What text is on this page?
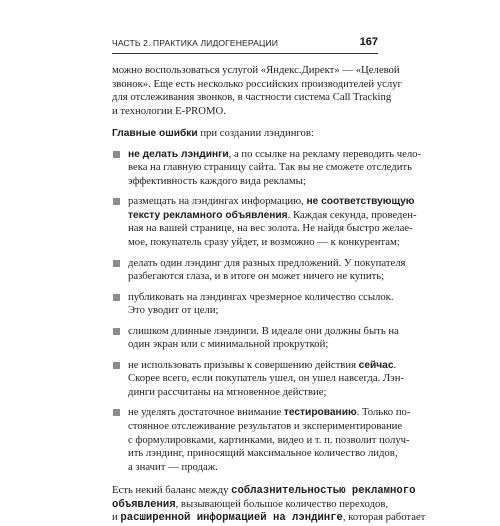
ЧАСТЬ 2. ПРАКТИКА ЛИДОГЕНЕРАЦИИ	167
можно воспользоваться услугой «Яндекс.Директ» — «Целевой
звонок». Еще есть несколько российских производителей услуг
для отслеживания звонков, в частности система Call Tracking
и технологии E-PROMO.
Главные ошибки при создании лэндингов:
не делать лэндинги, а по ссылке на рекламу переводить чело-
века на главную страницу сайта. Так вы не сможете отследить
эффективность каждого вида рекламы;
размещать на лэндингах информацию, не соответствующую
тексту рекламного объявления. Каждая секунда, проведен-
ная на вашей странице, на вес золота. Не найдя быстро желае-
мое, покупатель сразу уйдет, и возможно — к конкурентам;
делать один лэндинг для разных предложений. У покупателя
разбегаются глаза, и в итоге он может ничего не купить;
публиковать на лэндингах чрезмерное количество ссылок.
Это уводит от цели;
слишком длинные лэндинги. В идеале они должны быть на
один экран или с минимальной прокруткой;
не использовать призывы к совершению действия сейчас.
Скорее всего, если покупатель ушел, он ушел навсегда. Лэн-
динги рассчитаны на мгновенное действие;
не уделять достаточное внимание тестированию. Только по-
стоянное отслеживание результатов и экспериментирование
с формулировками, картинками, видео и т. п. позволит получ-
ить лэндинг, приносящий максимальное количество лидов,
а значит — продаж.
Есть некий баланс между соблазнительностью рекламного
объявления, вызывающей большое количество переходов,
и расширенной информацией на лэндинге, которая работает
